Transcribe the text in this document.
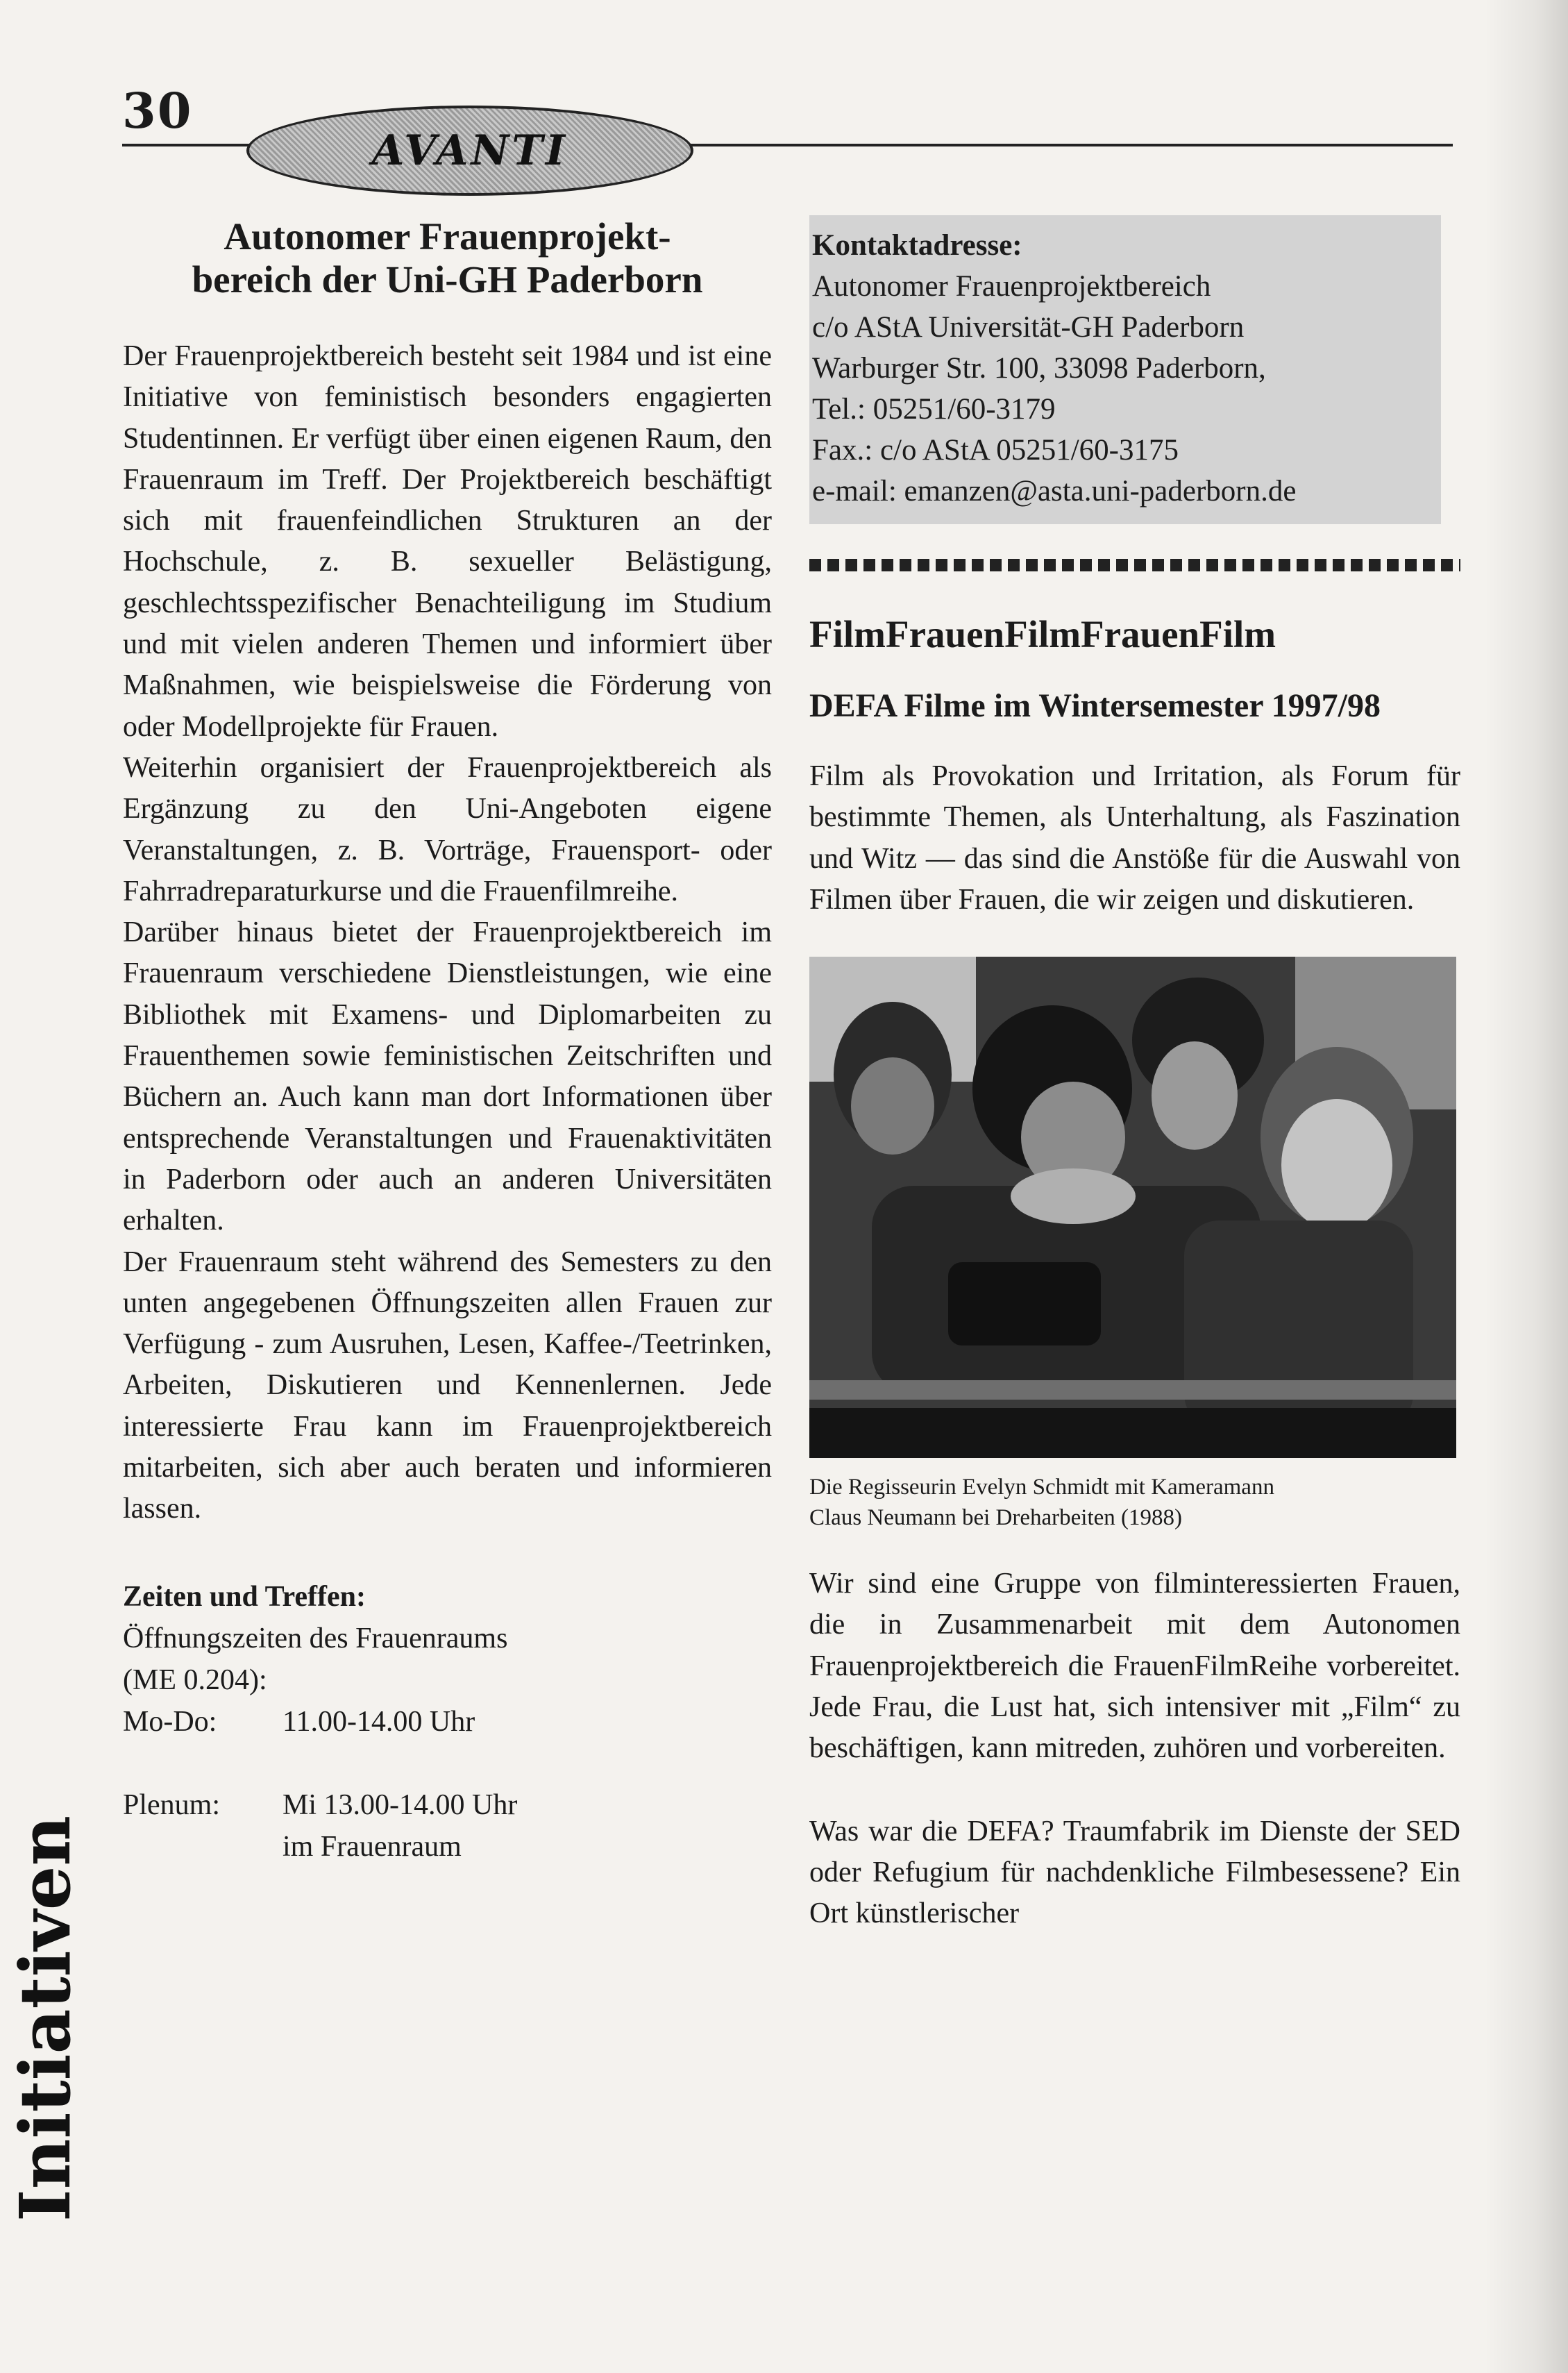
30
AVANTI
Autonomer Frauenprojekt-
bereich der Uni-GH Paderborn

Der Frauenprojektbereich besteht seit 1984 und ist eine Initiative von feministisch besonders engagierten Studentinnen. Er verfügt über einen eigenen Raum, den Frauenraum im Treff. Der Projektbereich beschäftigt sich mit frauenfeindlichen Strukturen an der Hochschule, z. B. sexueller Belästigung, geschlechtsspezifischer Benachteiligung im Studium und mit vielen anderen Themen und informiert über Maßnahmen, wie beispielsweise die Förderung von oder Modellprojekte für Frauen.

Weiterhin organisiert der Frauenprojektbereich als Ergänzung zu den Uni-Angeboten eigene Veranstaltungen, z. B. Vorträge, Frauensport- oder Fahrradreparaturkurse und die Frauenfilmreihe.

Darüber hinaus bietet der Frauenprojektbereich im Frauenraum verschiedene Dienstleistungen, wie eine Bibliothek mit Examens- und Diplomarbeiten zu Frauenthemen sowie feministischen Zeitschriften und Büchern an. Auch kann man dort Informationen über entsprechende Veranstaltungen und Frauenaktivitäten in Paderborn oder auch an anderen Universitäten erhalten.

Der Frauenraum steht während des Semesters zu den unten angegebenen Öffnungszeiten allen Frauen zur Verfügung - zum Ausruhen, Lesen, Kaffee-/Teetrinken, Arbeiten, Diskutieren und Kennenlernen. Jede interessierte Frau kann im Frauenprojektbereich mitarbeiten, sich aber auch beraten und informieren lassen.

Zeiten und Treffen:
Öffnungszeiten des Frauenraums
(ME 0.204):
Mo-Do:	11.00-14.00 Uhr
Plenum:	Mi 13.00-14.00 Uhr
im Frauenraum
Kontaktadresse:
Autonomer Frauenprojektbereich
c/o AStA Universität-GH Paderborn
Warburger Str. 100, 33098 Paderborn,
Tel.: 05251/60-3179
Fax.: c/o AStA 05251/60-3175
e-mail: emanzen@asta.uni-paderborn.de
FilmFrauenFilmFrauenFilm
DEFA Filme im Wintersemester 1997/98
Film als Provokation und Irritation, als Forum für bestimmte Themen, als Unterhaltung, als Faszination und Witz — das sind die Anstöße für die Auswahl von Filmen über Frauen, die wir zeigen und diskutieren.
Die Regisseurin Evelyn Schmidt mit Kameramann
Claus Neumann bei Dreharbeiten (1988)
Wir sind eine Gruppe von filminteressierten Frauen, die in Zusammenarbeit mit dem Autonomen Frauenprojektbereich die FrauenFilmReihe vorbereitet. Jede Frau, die Lust hat, sich intensiver mit „Film“ zu beschäftigen, kann mitreden, zuhören und vorbereiten.
Was war die DEFA? Traumfabrik im Dienste der SED oder Refugium für nachdenkliche Filmbesessene? Ein Ort künstlerischer
Initiativen
